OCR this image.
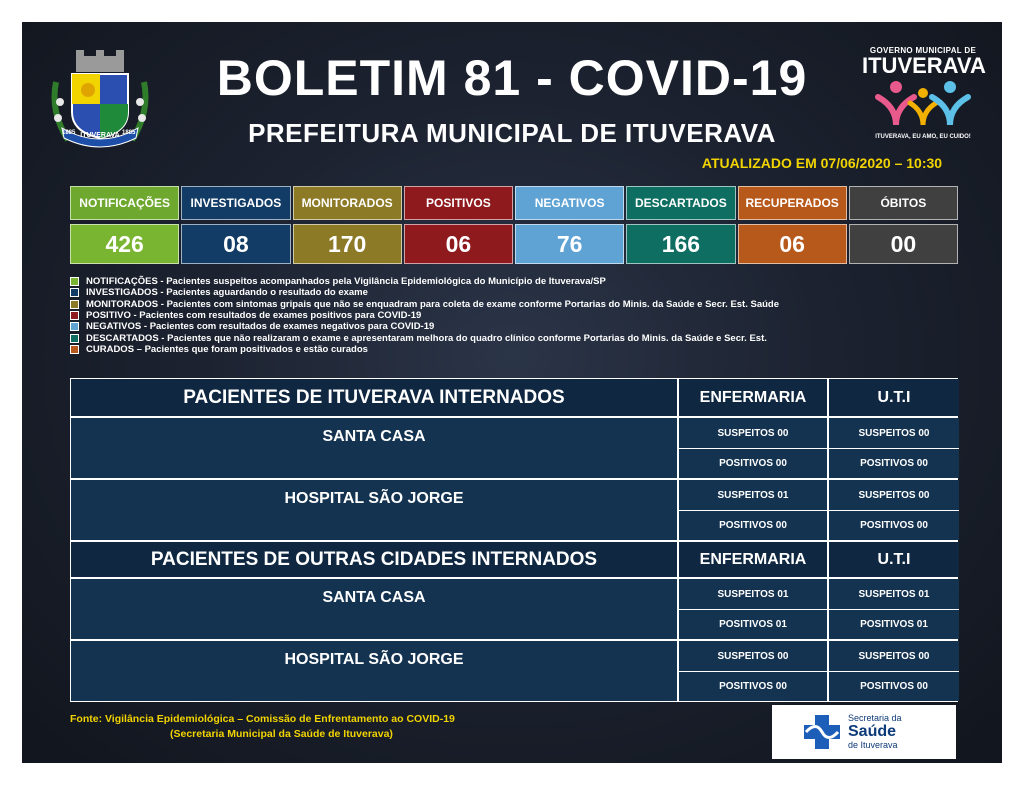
ITUVERAVA
1885	1885
BOLETIM 81 - COVID-19
PREFEITURA MUNICIPAL DE ITUVERAVA
ATUALIZADO EM 07/06/2020 – 10:30
GOVERNO MUNICIPAL DE
ITUVERAVA
ITUVERAVA, EU AMO, EU CUIDO!
NOTIFICAÇÕES	INVESTIGADOS	MONITORADOS	POSITIVOS	NEGATIVOS	DESCARTADOS	RECUPERADOS	ÓBITOS
426	08	170	06	76	166	06	00
NOTIFICAÇÕES - Pacientes suspeitos acompanhados pela Vigilância Epidemiológica do Município de Ituverava/SP
INVESTIGADOS - Pacientes aguardando o resultado do exame
MONITORADOS - Pacientes com sintomas gripais que não se enquadram para coleta de exame conforme Portarias do Minis. da Saúde e Secr. Est. Saúde
POSITIVO - Pacientes com resultados de exames positivos para COVID-19
NEGATIVOS - Pacientes com resultados de exames negativos para COVID-19
DESCARTADOS - Pacientes que não realizaram o exame e apresentaram melhora do quadro clínico conforme Portarias do Minis. da Saúde e Secr. Est.
CURADOS – Pacientes que foram positivados e estão curados
PACIENTES DE ITUVERAVA INTERNADOS	ENFERMARIA	U.T.I
SANTA CASA	SUSPEITOS 00	SUSPEITOS 00
POSITIVOS 00	POSITIVOS 00
HOSPITAL SÃO JORGE	SUSPEITOS 01	SUSPEITOS 00
POSITIVOS 00	POSITIVOS 00
PACIENTES DE OUTRAS CIDADES INTERNADOS	ENFERMARIA	U.T.I
SANTA CASA	SUSPEITOS 01	SUSPEITOS 01
POSITIVOS 01	POSITIVOS 01
HOSPITAL SÃO JORGE	SUSPEITOS 00	SUSPEITOS 00
POSITIVOS 00	POSITIVOS 00
Fonte: Vigilância Epidemiológica – Comissão de Enfrentamento ao COVID-19
(Secretaria Municipal da Saúde de Ituverava)
Secretaria da
Saúde
de Ituverava
